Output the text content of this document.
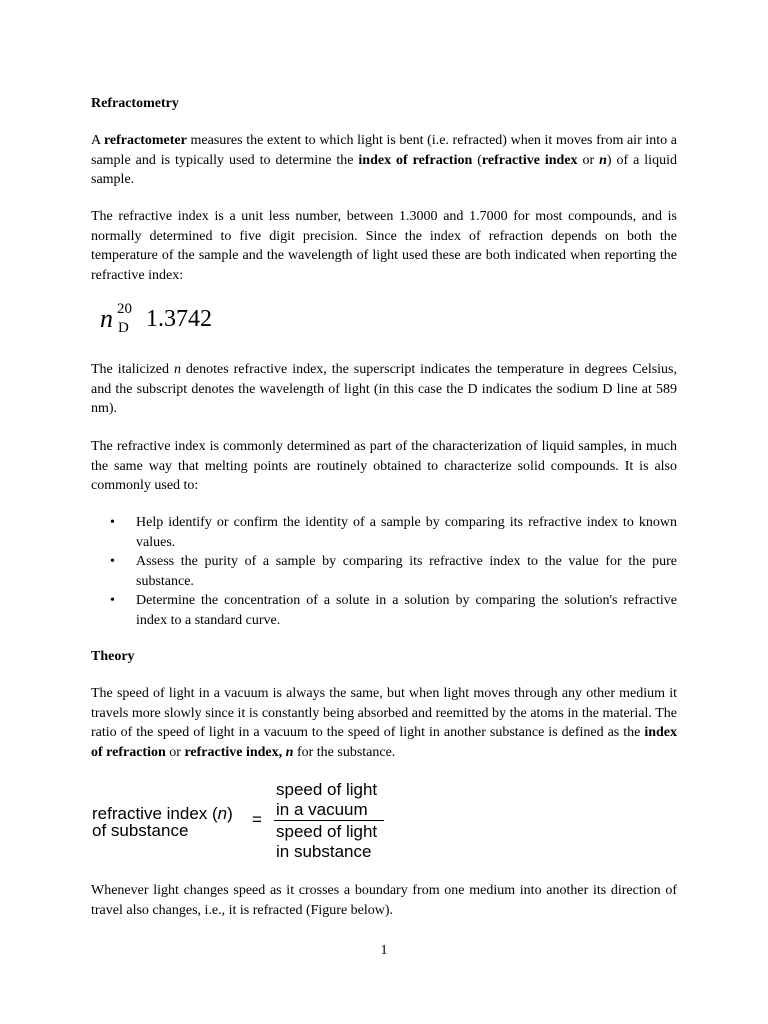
Refractometry

A refractometer measures the extent to which light is bent (i.e. refracted) when it moves from air into a sample and is typically used to determine the index of refraction (refractive index or n) of a liquid sample.

The refractive index is a unit less number, between 1.3000 and 1.7000 for most compounds, and is normally determined to five digit precision. Since the index of refraction depends on both the temperature of the sample and the wavelength of light used these are both indicated when reporting the refractive index:

n 20
D 1.3742

The italicized n denotes refractive index, the superscript indicates the temperature in degrees Celsius, and the subscript denotes the wavelength of light (in this case the D indicates the sodium D line at 589 nm).

The refractive index is commonly determined as part of the characterization of liquid samples, in much the same way that melting points are routinely obtained to characterize solid compounds. It is also commonly used to:

• Help identify or confirm the identity of a sample by comparing its refractive index to known values.
• Assess the purity of a sample by comparing its refractive index to the value for the pure substance.
• Determine the concentration of a solute in a solution by comparing the solution's refractive index to a standard curve.

Theory

The speed of light in a vacuum is always the same, but when light moves through any other medium it travels more slowly since it is constantly being absorbed and reemitted by the atoms in the material. The ratio of the speed of light in a vacuum to the speed of light in another substance is defined as the index of refraction or refractive index, n for the substance.

refractive index (n)
of substance
=
speed of light
in a vacuum
speed of light
in substance

Whenever light changes speed as it crosses a boundary from one medium into another its direction of travel also changes, i.e., it is refracted (Figure below).

1
